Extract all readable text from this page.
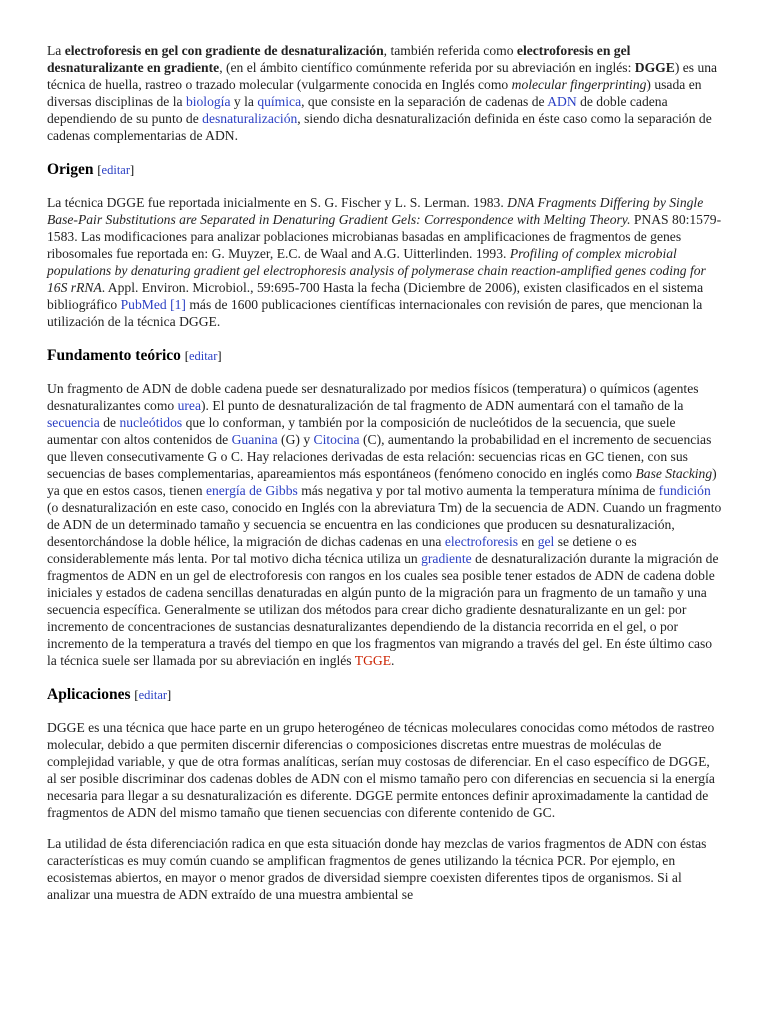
La electroforesis en gel con gradiente de desnaturalización, también referida como electroforesis en gel desnaturalizante en gradiente, (en el ámbito científico comúnmente referida por su abreviación en inglés: DGGE) es una técnica de huella, rastreo o trazado molecular (vulgarmente conocida en Inglés como molecular fingerprinting) usada en diversas disciplinas de la biología y la química, que consiste en la separación de cadenas de ADN de doble cadena dependiendo de su punto de desnaturalización, siendo dicha desnaturalización definida en éste caso como la separación de cadenas complementarias de ADN.

Origen [editar]

La técnica DGGE fue reportada inicialmente en S. G. Fischer y L. S. Lerman. 1983. DNA Fragments Differing by Single Base-Pair Substitutions are Separated in Denaturing Gradient Gels: Correspondence with Melting Theory. PNAS 80:1579-1583. Las modificaciones para analizar poblaciones microbianas basadas en amplificaciones de fragmentos de genes ribosomales fue reportada en: G. Muyzer, E.C. de Waal and A.G. Uitterlinden. 1993. Profiling of complex microbial populations by denaturing gradient gel electrophoresis analysis of polymerase chain reaction-amplified genes coding for 16S rRNA. Appl. Environ. Microbiol., 59:695-700 Hasta la fecha (Diciembre de 2006), existen clasificados en el sistema bibliográfico PubMed [1] más de 1600 publicaciones científicas internacionales con revisión de pares, que mencionan la utilización de la técnica DGGE.

Fundamento teórico [editar]

Un fragmento de ADN de doble cadena puede ser desnaturalizado por medios físicos (temperatura) o químicos (agentes desnaturalizantes como urea). El punto de desnaturalización de tal fragmento de ADN aumentará con el tamaño de la secuencia de nucleótidos que lo conforman, y también por la composición de nucleótidos de la secuencia, que suele aumentar con altos contenidos de Guanina (G) y Citocina (C), aumentando la probabilidad en el incremento de secuencias que lleven consecutivamente G o C. Hay relaciones derivadas de esta relación: secuencias ricas en GC tienen, con sus secuencias de bases complementarias, apareamientos más espontáneos (fenómeno conocido en inglés como Base Stacking) ya que en estos casos, tienen energía de Gibbs más negativa y por tal motivo aumenta la temperatura mínima de fundición (o desnaturalización en este caso, conocido en Inglés con la abreviatura Tm) de la secuencia de ADN. Cuando un fragmento de ADN de un determinado tamaño y secuencia se encuentra en las condiciones que producen su desnaturalización, desentorchándose la doble hélice, la migración de dichas cadenas en una electroforesis en gel se detiene o es considerablemente más lenta. Por tal motivo dicha técnica utiliza un gradiente de desnaturalización durante la migración de fragmentos de ADN en un gel de electroforesis con rangos en los cuales sea posible tener estados de ADN de cadena doble iniciales y estados de cadena sencillas denaturadas en algún punto de la migración para un fragmento de un tamaño y una secuencia específica. Generalmente se utilizan dos métodos para crear dicho gradiente desnaturalizante en un gel: por incremento de concentraciones de sustancias desnaturalizantes dependiendo de la distancia recorrida en el gel, o por incremento de la temperatura a través del tiempo en que los fragmentos van migrando a través del gel. En éste último caso la técnica suele ser llamada por su abreviación en inglés TGGE.

Aplicaciones [editar]

DGGE es una técnica que hace parte en un grupo heterogéneo de técnicas moleculares conocidas como métodos de rastreo molecular, debido a que permiten discernir diferencias o composiciones discretas entre muestras de moléculas de complejidad variable, y que de otra formas analíticas, serían muy costosas de diferenciar. En el caso específico de DGGE, al ser posible discriminar dos cadenas dobles de ADN con el mismo tamaño pero con diferencias en secuencia si la energía necesaria para llegar a su desnaturalización es diferente. DGGE permite entonces definir aproximadamente la cantidad de fragmentos de ADN del mismo tamaño que tienen secuencias con diferente contenido de GC.

La utilidad de ésta diferenciación radica en que esta situación donde hay mezclas de varios fragmentos de ADN con éstas características es muy común cuando se amplifican fragmentos de genes utilizando la técnica PCR. Por ejemplo, en ecosistemas abiertos, en mayor o menor grados de diversidad siempre coexisten diferentes tipos de organismos. Si al analizar una muestra de ADN extraído de una muestra ambiental se
